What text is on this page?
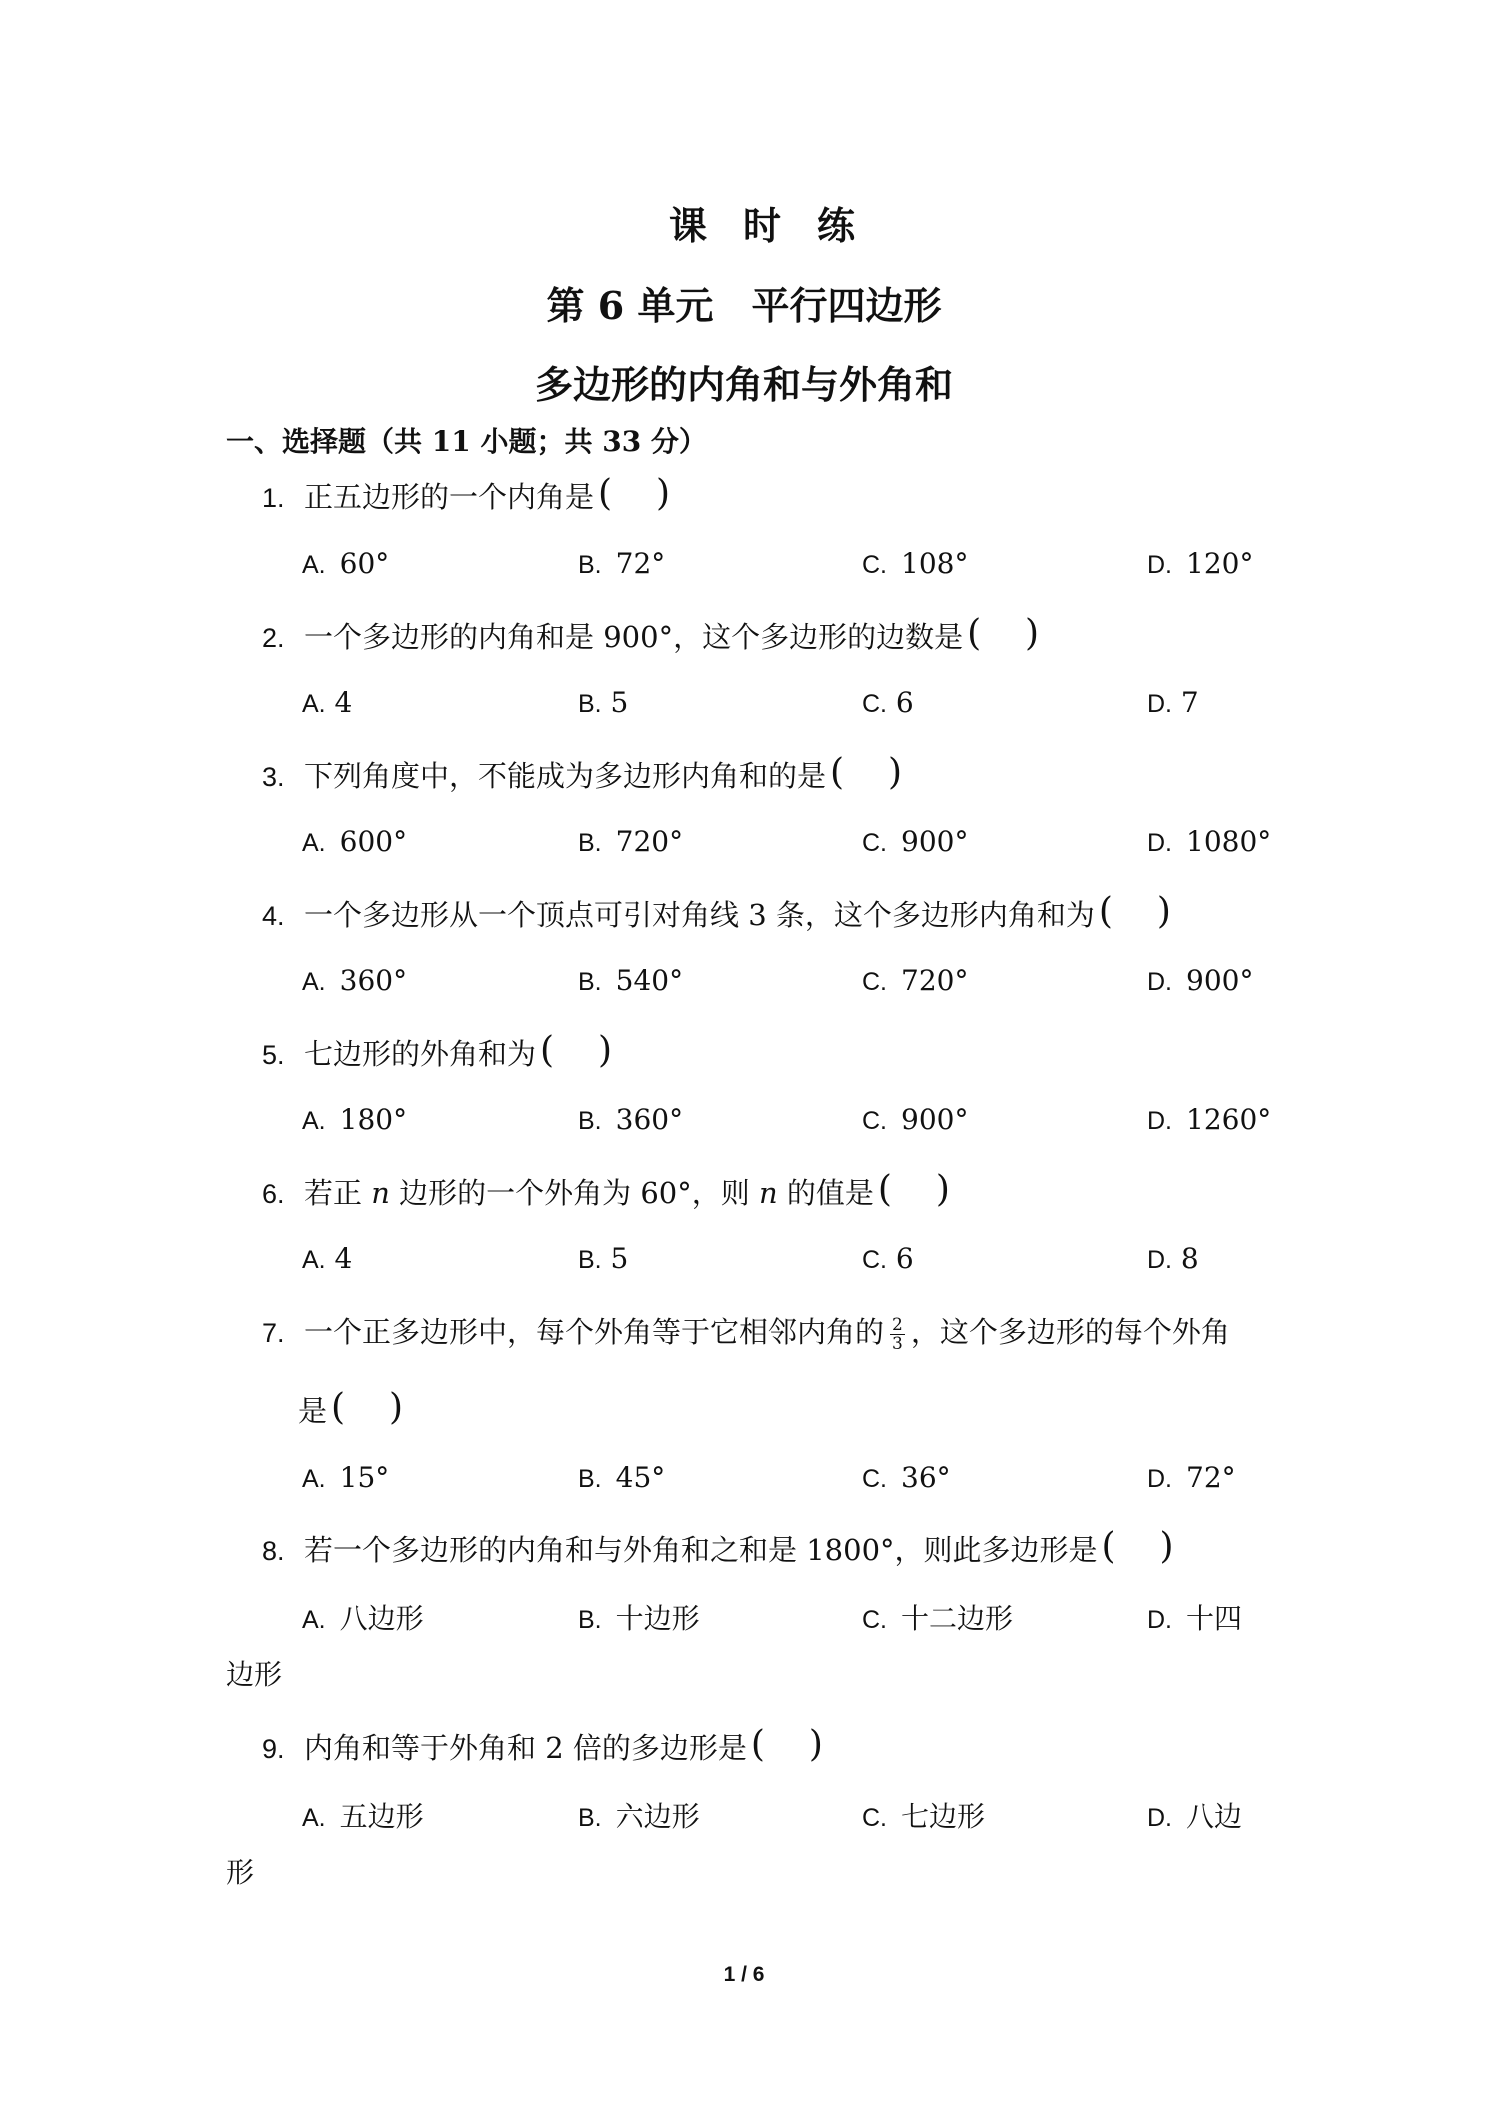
课时练
第 6 单元　平行四边形
多边形的内角和与外角和
一、选择题（共 11 小题；共 33 分）
1. 正五边形的一个内角是 ( )
A. 60°	B. 72°	C. 108°	D. 120°
2. 一个多边形的内角和是 900°，这个多边形的边数是 ( )
A. 4	B. 5	C. 6	D. 7
3. 下列角度中，不能成为多边形内角和的是 ( )
A. 600°	B. 720°	C. 900°	D. 1080°
4. 一个多边形从一个顶点可引对角线 3 条，这个多边形内角和为 ( )
A. 360°	B. 540°	C. 720°	D. 900°
5. 七边形的外角和为 ( )
A. 180°	B. 360°	C. 900°	D. 1260°
6. 若正 n 边形的一个外角为 60°，则 n 的值是 ( )
A. 4	B. 5	C. 6	D. 8
7. 一个正多边形中，每个外角等于它相邻内角的 $\frac{2}{3}$ ，这个多边形的每个外角
是 ( )
A. 15°	B. 45°	C. 36°	D. 72°
8. 若一个多边形的内角和与外角和之和是 1800°，则此多边形是 ( )
A. 八边形	B. 十边形	C. 十二边形	D. 十四
边形
9. 内角和等于外角和 2 倍的多边形是 ( )
A. 五边形	B. 六边形	C. 七边形	D. 八边
形
1 / 6
